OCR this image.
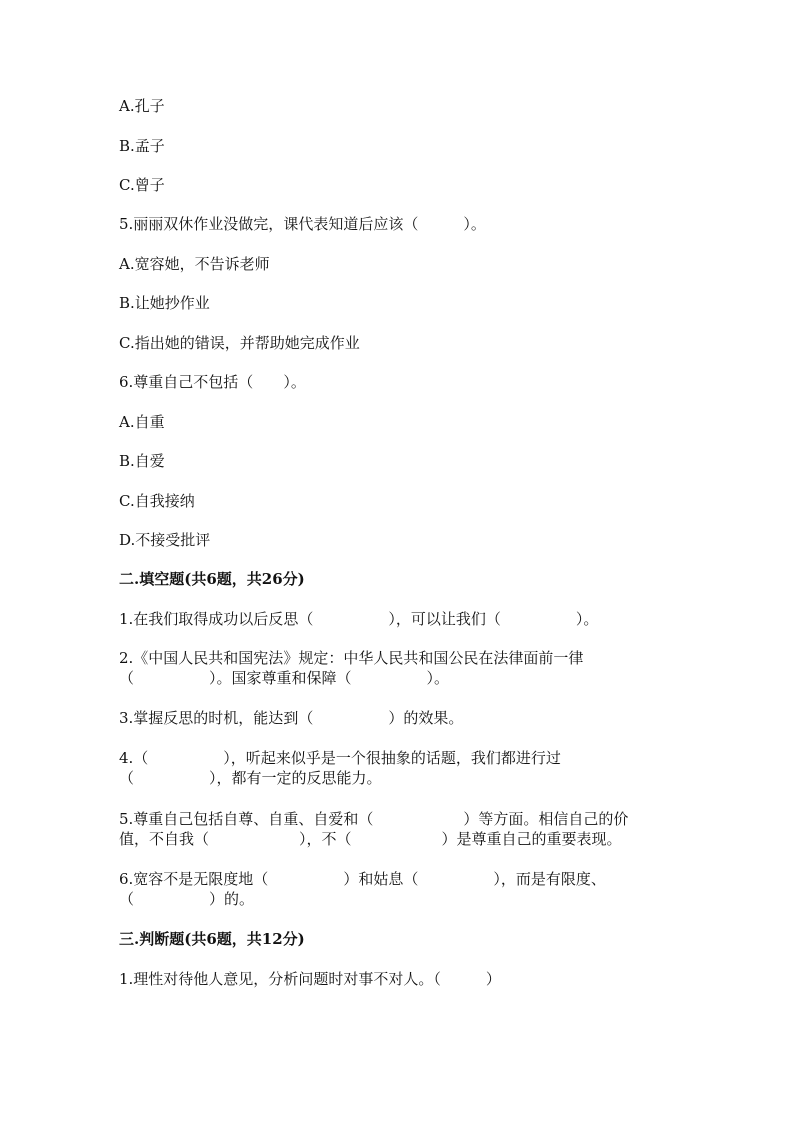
A.孔子
B.孟子
C.曾子
5.丽丽双休作业没做完，课代表知道后应该（　　　）。
A.宽容她，不告诉老师
B.让她抄作业
C.指出她的错误，并帮助她完成作业
6.尊重自己不包括（　　）。
A.自重
B.自爱
C.自我接纳
D.不接受批评
二.填空题(共6题，共26分)
1.在我们取得成功以后反思（　　　　　），可以让我们（　　　　　）。
2.《中国人民共和国宪法》规定：中华人民共和国公民在法律面前一律
（　　　　　）。国家尊重和保障（　　　　　）。
3.掌握反思的时机，能达到（　　　　　）的效果。
4.（　　　　　），听起来似乎是一个很抽象的话题，我们都进行过
（　　　　　），都有一定的反思能力。
5.尊重自己包括自尊、自重、自爱和（　　　　　　）等方面。相信自己的价
值，不自我（　　　　　　），不（　　　　　　）是尊重自己的重要表现。
6.宽容不是无限度地（　　　　　）和姑息（　　　　　），而是有限度、
（　　　　　）的。
三.判断题(共6题，共12分)
1.理性对待他人意见，分析问题时对事不对人。（　　　）
